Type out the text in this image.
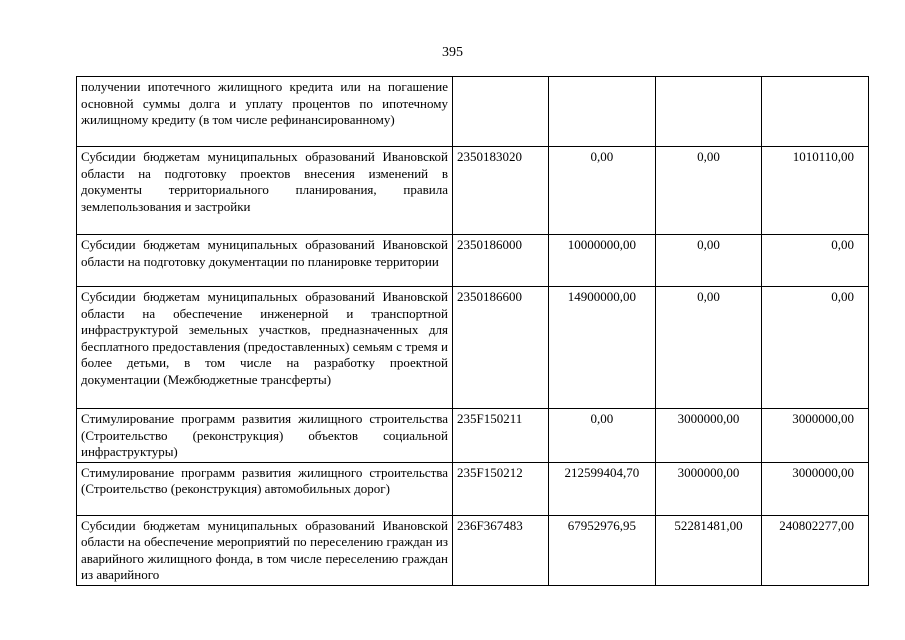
395
получении ипотечного жилищного кредита или на погашение основной суммы долга и уплату процентов по ипотечному жилищному кредиту (в том числе рефинансированному)				
Субсидии бюджетам муниципальных образований Ивановской области на подготовку проектов внесения изменений в документы территориального планирования, правила землепользования и застройки	2350183020	0,00	0,00	1010110,00
Субсидии бюджетам муниципальных образований Ивановской области на подготовку документации по планировке территории	2350186000	10000000,00	0,00	0,00
Субсидии бюджетам муниципальных образований Ивановской области на обеспечение инженерной и транспортной инфраструктурой земельных участков, предназначенных для бесплатного предоставления (предоставленных) семьям с тремя и более детьми, в том числе на разработку проектной документации (Межбюджетные трансферты)	2350186600	14900000,00	0,00	0,00
Стимулирование программ развития жилищного строительства (Строительство (реконструкция) объектов социальной инфраструктуры)	235F150211	0,00	3000000,00	3000000,00
Стимулирование программ развития жилищного строительства (Строительство (реконструкция) автомобильных дорог)	235F150212	212599404,70	3000000,00	3000000,00
Субсидии бюджетам муниципальных образований Ивановской области на обеспечение мероприятий по переселению граждан из аварийного жилищного фонда, в том числе переселению граждан из аварийного	236F367483	67952976,95	52281481,00	240802277,00
